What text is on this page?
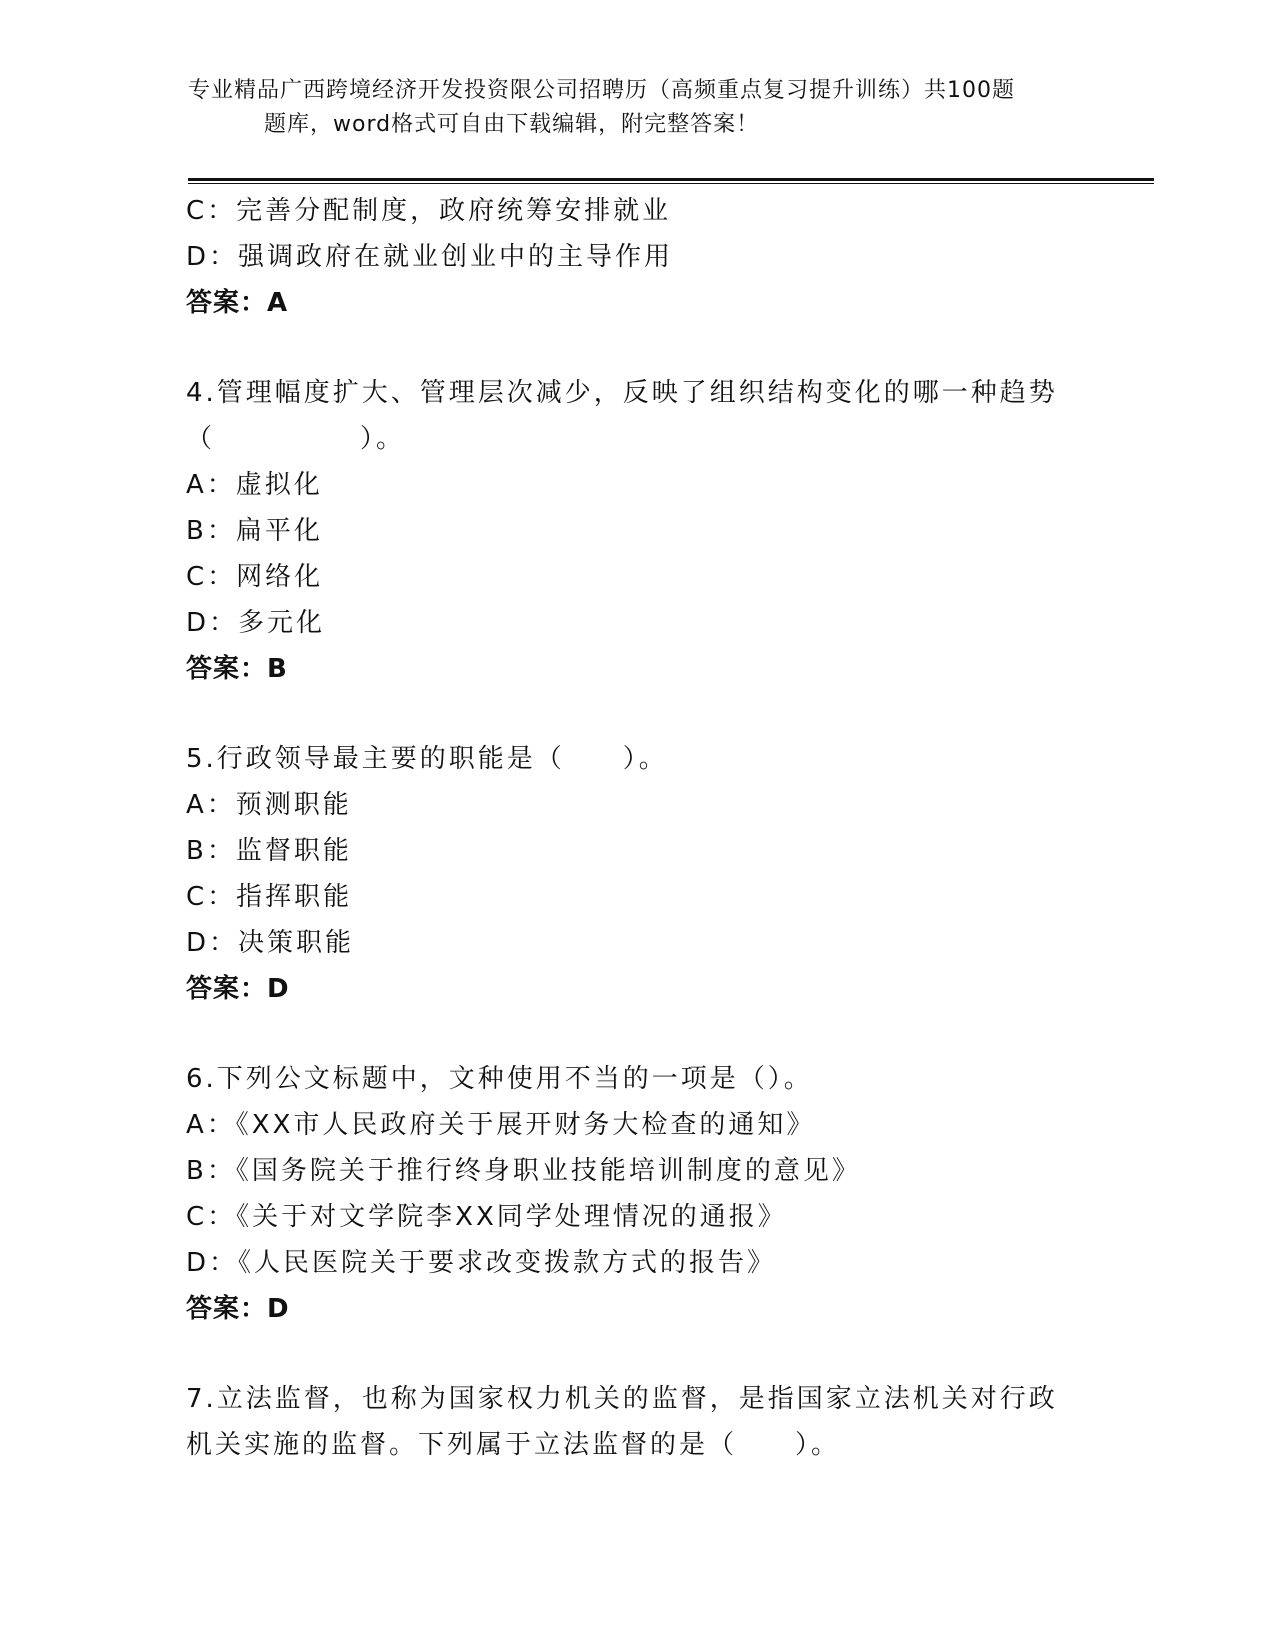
专业精品广西跨境经济开发投资限公司招聘历（高频重点复习提升训练）共100题
题库，word格式可自由下载编辑，附完整答案！
C：完善分配制度，政府统筹安排就业
D：强调政府在就业创业中的主导作用
答案：A
4.管理幅度扩大、管理层次减少，反映了组织结构变化的哪一种趋势
（　　　　　）。
A：虚拟化
B：扁平化
C：网络化
D：多元化
答案：B
5.行政领导最主要的职能是（　　）。
A：预测职能
B：监督职能
C：指挥职能
D：决策职能
答案：D
6.下列公文标题中，文种使用不当的一项是（）。
A：《XX市人民政府关于展开财务大检查的通知》
B：《国务院关于推行终身职业技能培训制度的意见》
C：《关于对文学院李XX同学处理情况的通报》
D：《人民医院关于要求改变拨款方式的报告》
答案：D
7.立法监督，也称为国家权力机关的监督，是指国家立法机关对行政
机关实施的监督。下列属于立法监督的是（　　）。
